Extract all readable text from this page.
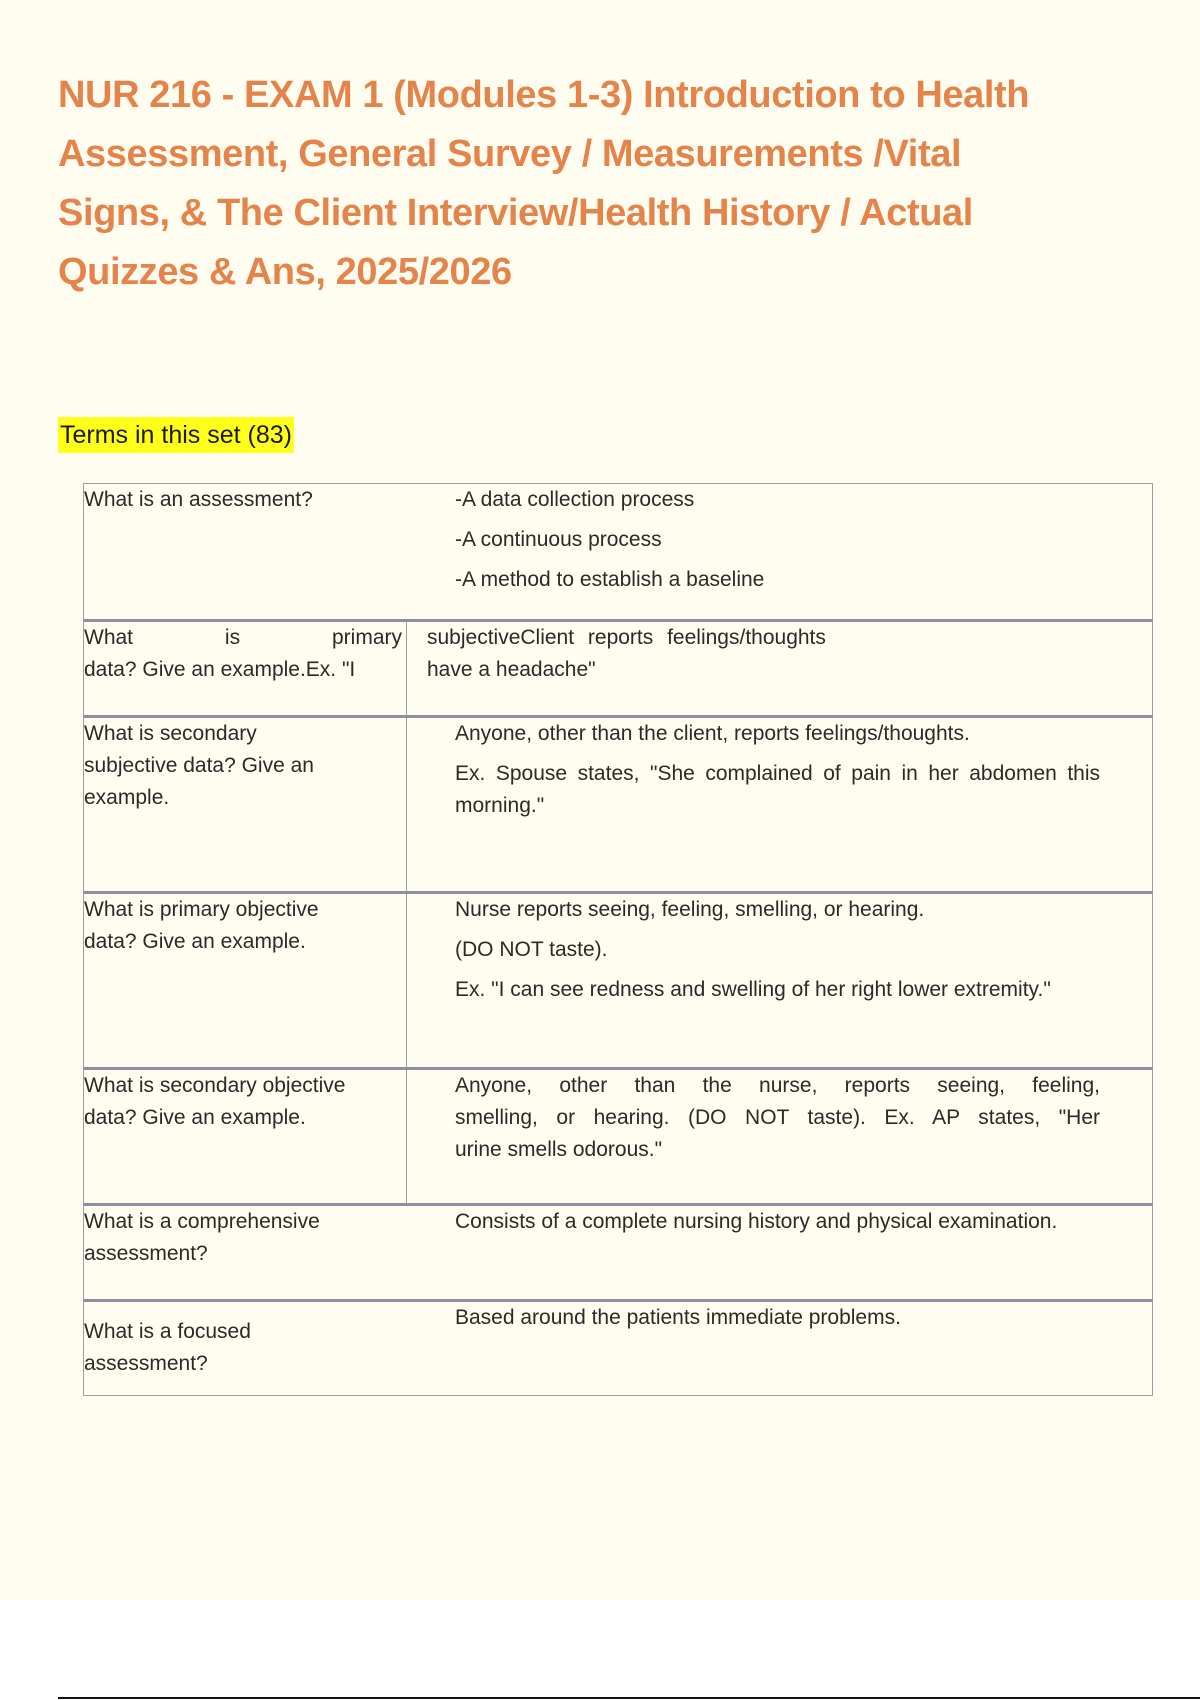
NUR 216 - EXAM 1 (Modules 1-3) Introduction to Health
Assessment, General Survey / Measurements /Vital
Signs, & The Client Interview/Health History / Actual
Quizzes & Ans, 2025/2026
Terms in this set (83)
What is an assessment?	-A data collection process
-A continuous process
-A method to establish a baseline

What is primary
data? Give an example.Ex. "I	subjectiveClient reports feelings/thoughts
have a headache"

What is secondary
subjective data? Give an
example.	Anyone, other than the client, reports feelings/thoughts.
Ex. Spouse states, "She complained of pain in her abdomen this
morning."

What is primary objective
data? Give an example.	Nurse reports seeing, feeling, smelling, or hearing.
(DO NOT taste).
Ex. "I can see redness and swelling of her right lower extremity."

What is secondary objective
data? Give an example.	Anyone, other than the nurse, reports seeing, feeling,
smelling, or hearing. (DO NOT taste). Ex. AP states, "Her
urine smells odorous."

What is a comprehensive
assessment?	Consists of a complete nursing history and physical examination.

What is a focused
assessment?	Based around the patients immediate problems.
